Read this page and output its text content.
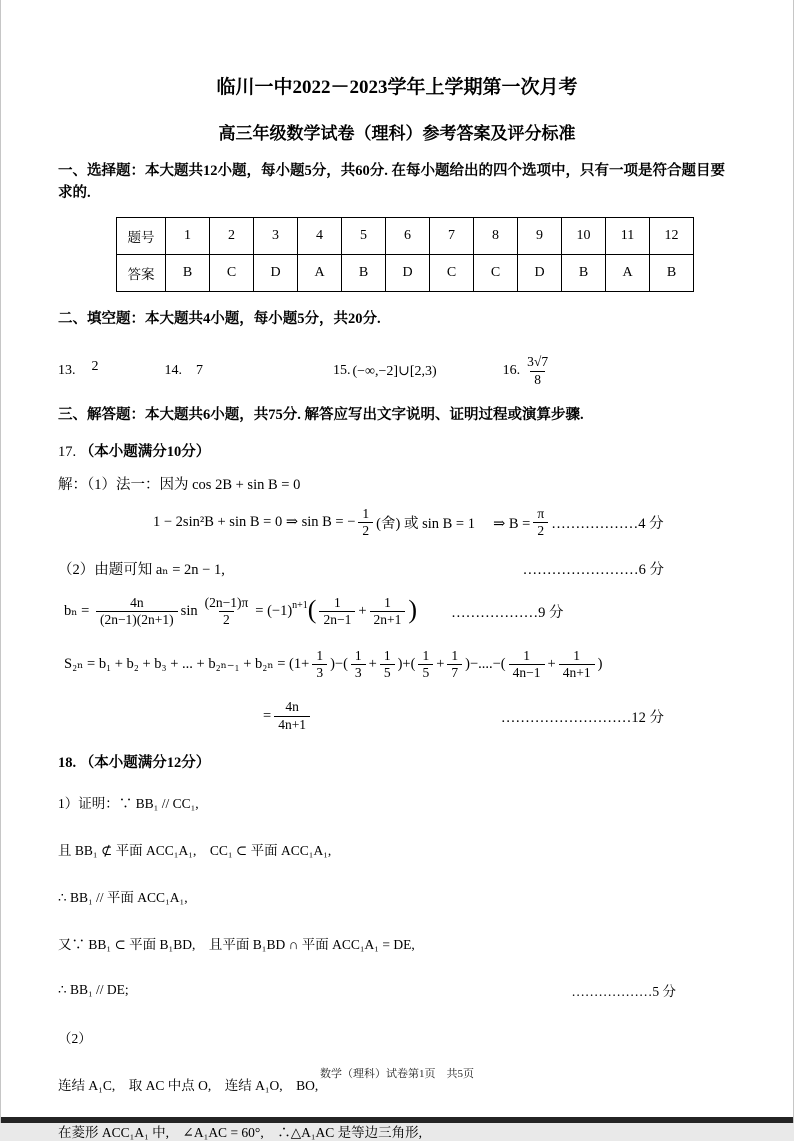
临川一中2022－2023学年上学期第一次月考
高三年级数学试卷（理科）参考答案及评分标准

一、选择题：本大题共12小题，每小题5分，共60分. 在每小题给出的四个选项中，只有一项是符合题目要求的.

题号	1	2	3	4	5	6	7	8	9	10	11	12
答案	B	C	D	A	B	D	C	C	D	B	A	B

二、填空题：本大题共4小题，每小题5分，共20分.

13. 2	14. 7	15. (−∞,−2]∪[2,3)	16. $\frac{3√7}{8}$

三、解答题：本大题共6小题，共75分. 解答应写出文字说明、证明过程或演算步骤.

17. （本小题满分10分）

解：（1）法一：因为 cos 2B + sin B = 0

1 − 2sin²B + sin B = 0 ⇒ sin B = − $\frac{1}{2}$ (舍) 或 sin B = 1　 ⇒ $B = \frac{\pi}{2}$ ………………4 分
（2）由题可知 aₙ = 2n − 1,	……………………6 分
$b_n = \frac{4n}{(2n-1)(2n+1)}$ $\sin \frac{(2n-1)\pi}{2} = (-1)^{n+1}$ ( $\frac{1}{2n-1} + \frac{1}{2n+1}$ ) ………………9 分
S₂ₙ = b₁ + b₂ + b₃ + ... + $b_{2n-1} + b_{2n} = (1+ \frac{1}{3}$ )−( $\frac{1}{3} + \frac{1}{5}$ )+( $\frac{1}{5} + \frac{1}{7}$ )−....−( $\frac{1}{4n-1} + \frac{1}{4n+1}$ )
= $\frac{4n}{4n+1}$	………………………12 分

18. （本小题满分12分）

1）证明：∵ BB₁ // CC₁,
且 BB₁ ⊄ 平面 ACC₁A₁,　CC₁ ⊂ 平面 ACC₁A₁,
∴ BB₁ // 平面 ACC₁A₁,
又∵ BB₁ ⊂ 平面 B₁BD,　且平面 B₁BD ∩ 平面 ACC₁A₁ = DE,
∴ BB₁ // DE;	………………5 分
（2）
连结 A₁C,　取 AC 中点 O,　连结 A₁O,　BO,
在菱形 ACC₁A₁ 中,　∠A₁AC = 60°,　∴△A₁AC 是等边三角形,
数学（理科）试卷第1页　共5页
